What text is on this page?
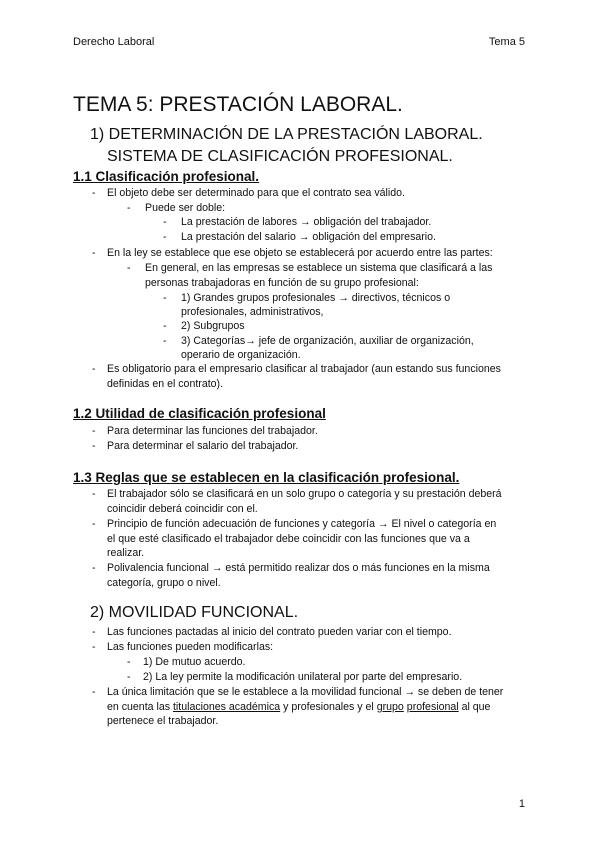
Derecho Laboral	Tema 5
TEMA 5: PRESTACIÓN LABORAL.
1) DETERMINACIÓN DE LA PRESTACIÓN LABORAL.
SISTEMA DE CLASIFICACIÓN PROFESIONAL.
1.1 Clasificación profesional.
- El objeto debe ser determinado para que el contrato sea válido.
- Puede ser doble:
- La prestación de labores → obligación del trabajador.
- La prestación del salario → obligación del empresario.
- En la ley se establece que ese objeto se establecerá por acuerdo entre las partes:
- En general, en las empresas se establece un sistema que clasificará a las
personas trabajadoras en función de su grupo profesional:
- 1) Grandes grupos profesionales → directivos, técnicos o
profesionales, administrativos,
- 2) Subgrupos
- 3) Categorías→ jefe de organización, auxiliar de organización,
operario de organización.
- Es obligatorio para el empresario clasificar al trabajador (aun estando sus funciones
definidas en el contrato).
1.2 Utilidad de clasificación profesional
- Para determinar las funciones del trabajador.
- Para determinar el salario del trabajador.
1.3 Reglas que se establecen en la clasificación profesional.
- El trabajador sólo se clasificará en un solo grupo o categoría y su prestación deberá
coincidir deberá coincidir con el.
- Principio de función adecuación de funciones y categoría → El nivel o categoría en
el que esté clasificado el trabajador debe coincidir con las funciones que va a
realizar.
- Polivalencia funcional → está permitido realizar dos o más funciones en la misma
categoría, grupo o nivel.
2) MOVILIDAD FUNCIONAL.
- Las funciones pactadas al inicio del contrato pueden variar con el tiempo.
- Las funciones pueden modificarlas:
- 1) De mutuo acuerdo.
- 2) La ley permite la modificación unilateral por parte del empresario.
- La única limitación que se le establece a la movilidad funcional → se deben de tener
en cuenta las titulaciones académica y profesionales y el grupo profesional al que
pertenece el trabajador.
1
